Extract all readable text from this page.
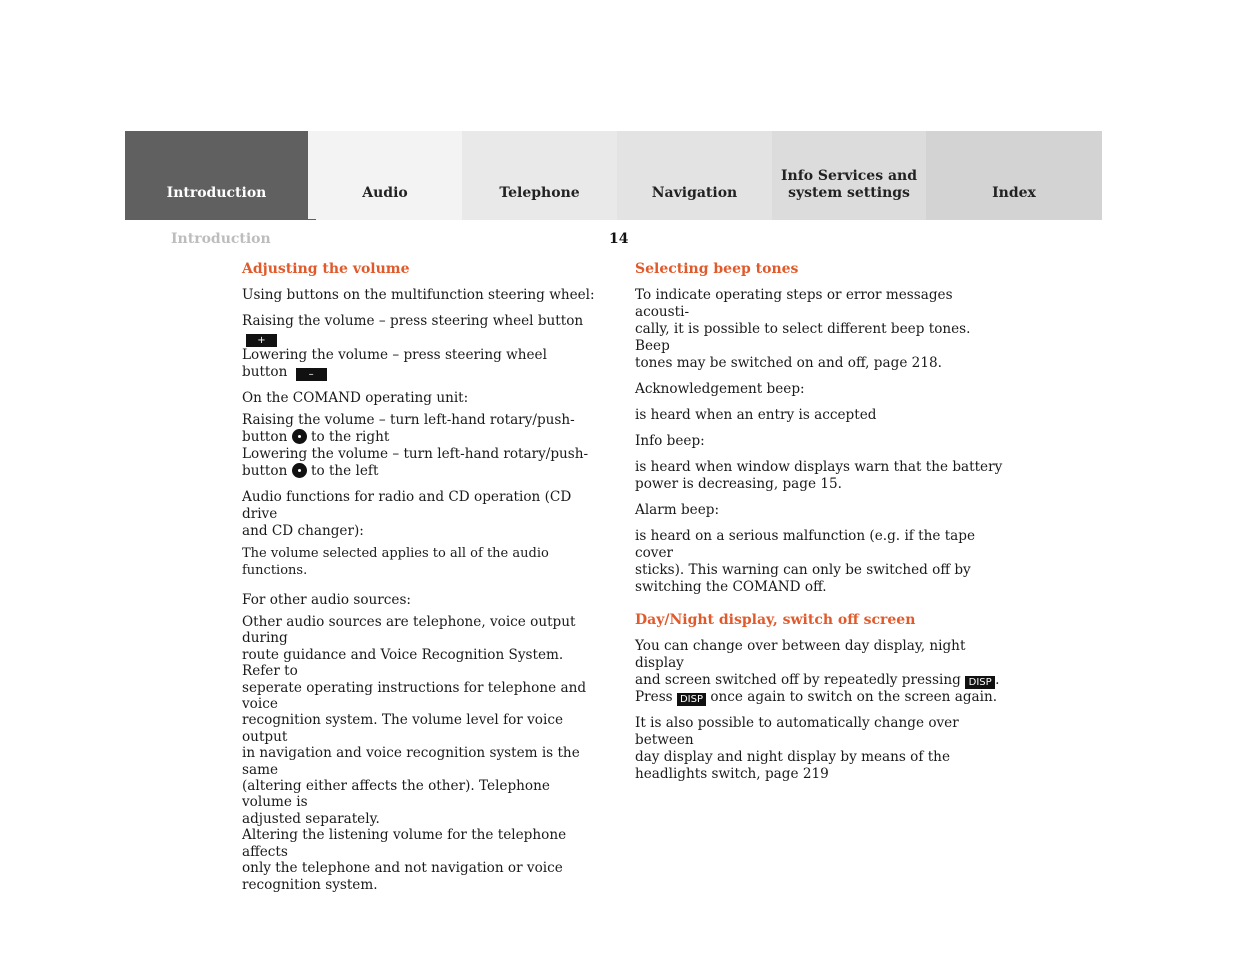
Introduction	Audio	Telephone	Navigation
Info Services and
system settings	Index
Introduction	14

Adjusting the volume

Using buttons on the multifunction steering wheel:

Raising the volume – press steering wheel button +
Lowering the volume – press steering wheel
button –

On the COMAND operating unit:

Raising the volume – turn left-hand rotary/push-
button to the right
Lowering the volume – turn left-hand rotary/push-
button to the left

Audio functions for radio and CD operation (CD drive
and CD changer):

The volume selected applies to all of the audio functions.

For other audio sources:

Other audio sources are telephone, voice output during
route guidance and Voice Recognition System. Refer to
seperate operating instructions for telephone and voice
recognition system. The volume level for voice output
in navigation and voice recognition system is the same
(altering either affects the other). Telephone volume is
adjusted separately.
Altering the listening volume for the telephone affects
only the telephone and not navigation or voice
recognition system.

Selecting beep tones

To indicate operating steps or error messages acousti-
cally, it is possible to select different beep tones. Beep
tones may be switched on and off, page 218.

Acknowledgement beep:

is heard when an entry is accepted

Info beep:

is heard when window displays warn that the battery
power is decreasing, page 15.

Alarm beep:

is heard on a serious malfunction (e.g. if the tape cover
sticks). This warning can only be switched off by
switching the COMAND off.

Day/Night display, switch off screen

You can change over between day display, night display
and screen switched off by repeatedly pressing DISP .
Press DISP once again to switch on the screen again.

It is also possible to automatically change over between
day display and night display by means of the
headlights switch, page 219
